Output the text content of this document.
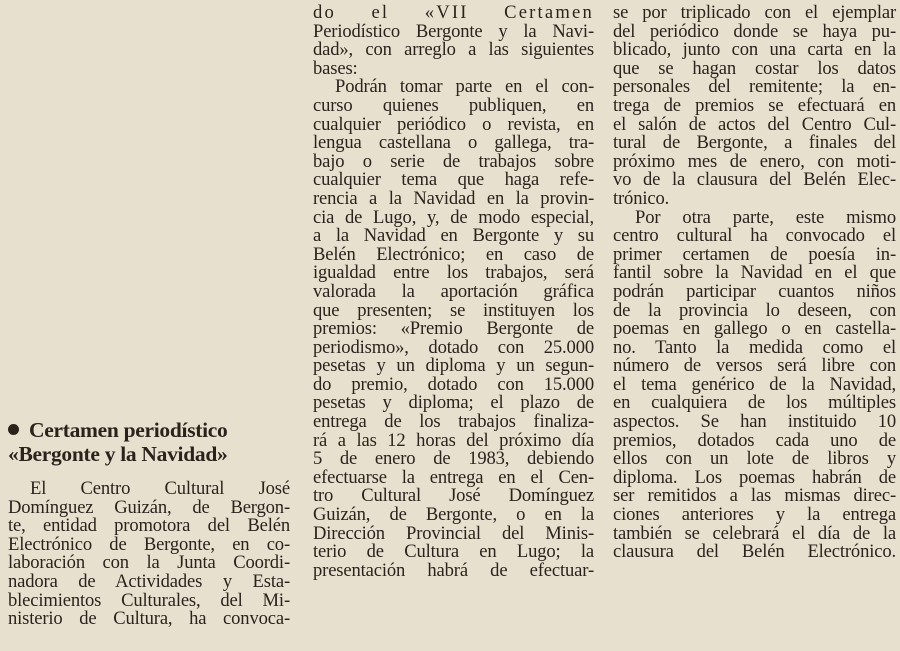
Certamen periodístico
«Bergonte y la Navidad»
El Centro Cultural José
Domínguez Guizán, de Bergon-
te, entidad promotora del Belén
Electrónico de Bergonte, en co-
laboración con la Junta Coordi-
nadora de Actividades y Esta-
blecimientos Culturales, del Mi-
nisterio de Cultura, ha convoca-
do el «VII Certamen
Periodístico Bergonte y la Navi-
dad», con arreglo a las siguientes
bases:
Podrán tomar parte en el con-
curso quienes publiquen, en
cualquier periódico o revista, en
lengua castellana o gallega, tra-
bajo o serie de trabajos sobre
cualquier tema que haga refe-
rencia a la Navidad en la provin-
cia de Lugo, y, de modo especial,
a la Navidad en Bergonte y su
Belén Electrónico; en caso de
igualdad entre los trabajos, será
valorada la aportación gráfica
que presenten; se instituyen los
premios: «Premio Bergonte de
periodismo», dotado con 25.000
pesetas y un diploma y un segun-
do premio, dotado con 15.000
pesetas y diploma; el plazo de
entrega de los trabajos finaliza-
rá a las 12 horas del próximo día
5 de enero de 1983, debiendo
efectuarse la entrega en el Cen-
tro Cultural José Domínguez
Guizán, de Bergonte, o en la
Dirección Provincial del Minis-
terio de Cultura en Lugo; la
presentación habrá de efectuar-
se por triplicado con el ejemplar
del periódico donde se haya pu-
blicado, junto con una carta en la
que se hagan costar los datos
personales del remitente; la en-
trega de premios se efectuará en
el salón de actos del Centro Cul-
tural de Bergonte, a finales del
próximo mes de enero, con moti-
vo de la clausura del Belén Elec-
trónico.
Por otra parte, este mismo
centro cultural ha convocado el
primer certamen de poesía in-
fantil sobre la Navidad en el que
podrán participar cuantos niños
de la provincia lo deseen, con
poemas en gallego o en castella-
no. Tanto la medida como el
número de versos será libre con
el tema genérico de la Navidad,
en cualquiera de los múltiples
aspectos. Se han instituido 10
premios, dotados cada uno de
ellos con un lote de libros y
diploma. Los poemas habrán de
ser remitidos a las mismas direc-
ciones anteriores y la entrega
también se celebrará el día de la
clausura del Belén Electrónico.
